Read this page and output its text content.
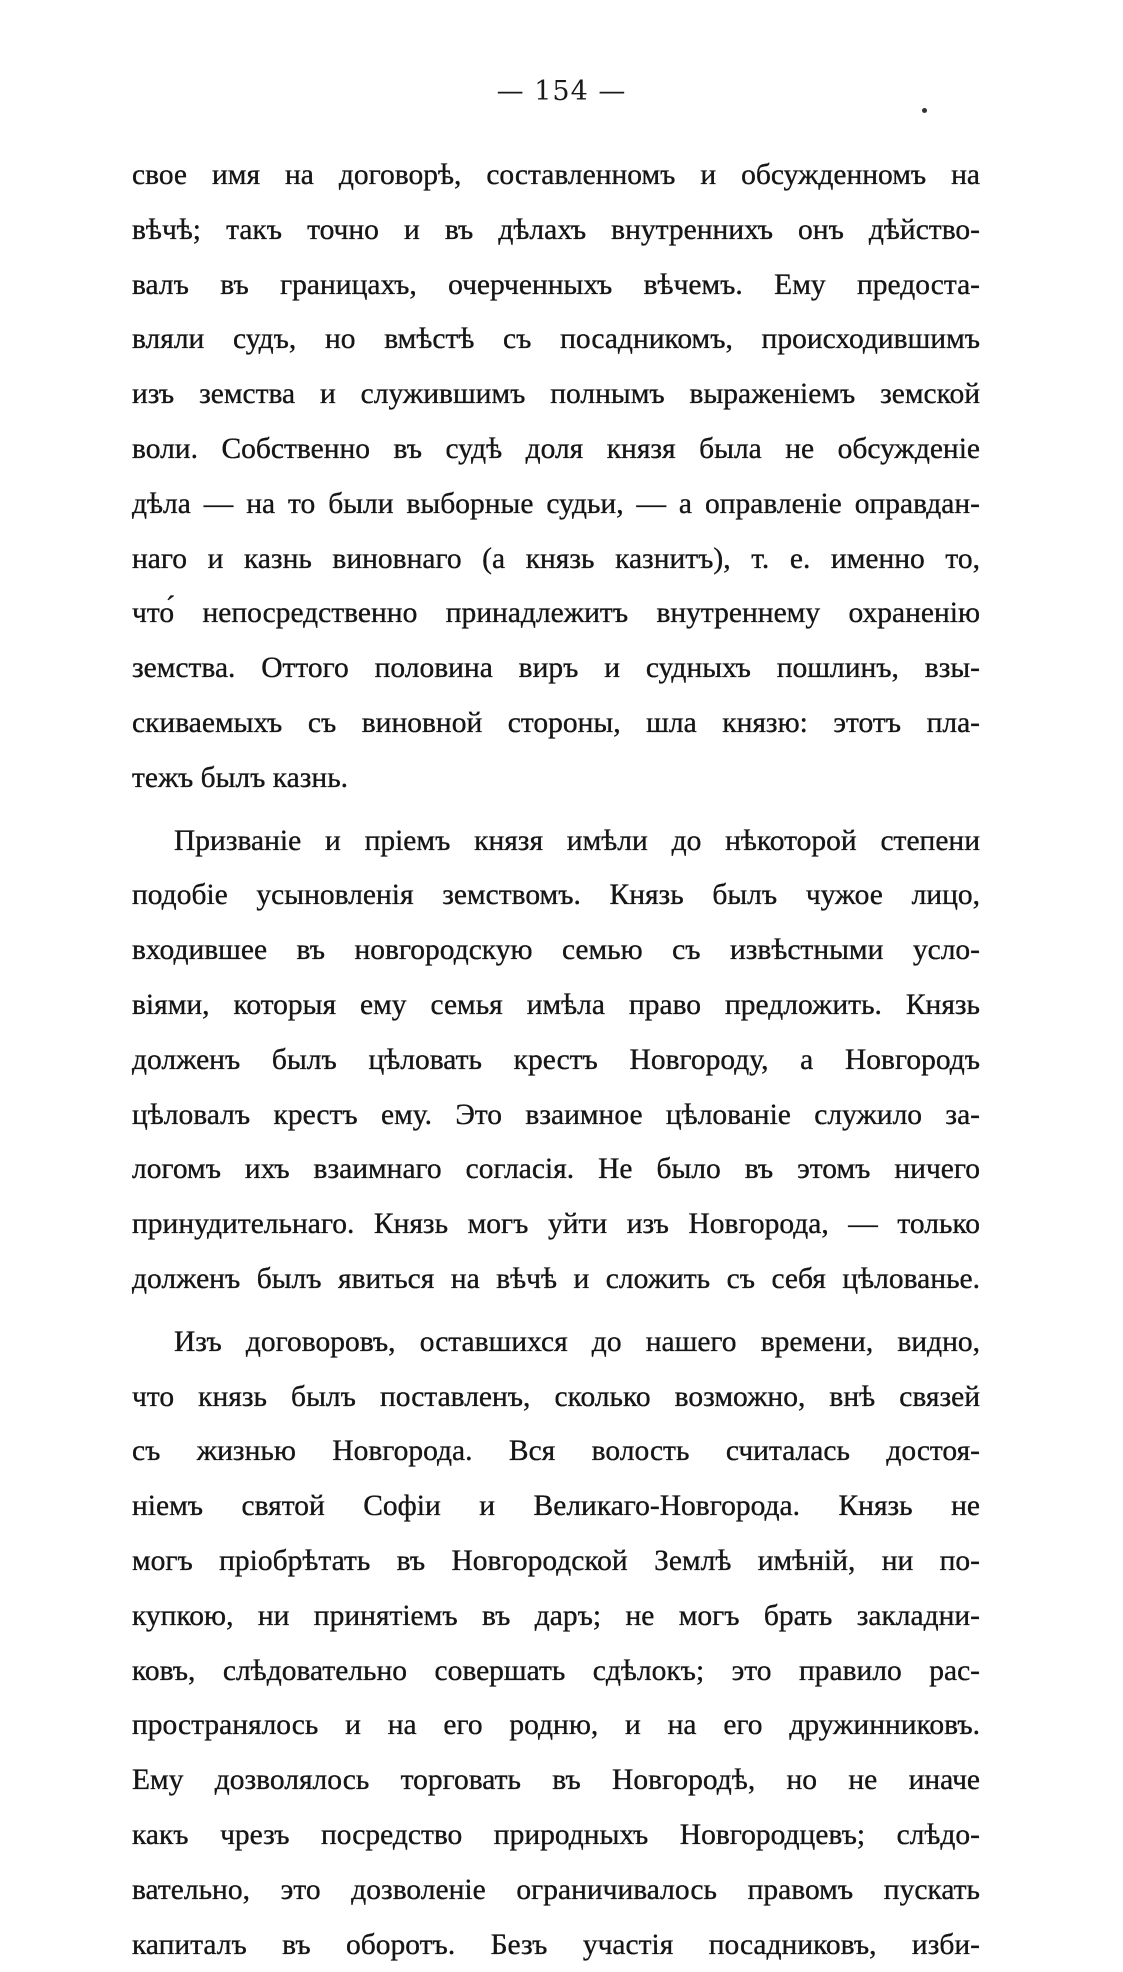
— 154 —
свое имя на договорѣ, составленномъ и обсужденномъ на
вѣчѣ; такъ точно и въ дѣлахъ внутреннихъ онъ дѣйство-
валъ въ границахъ, очерченныхъ вѣчемъ. Ему предоста-
вляли судъ, но вмѣстѣ съ посадникомъ, происходившимъ
изъ земства и служившимъ полнымъ выраженіемъ земской
воли. Собственно въ судѣ доля князя была не обсужденіе
дѣла — на то были выборные судьи, — а оправленіе оправдан-
наго и казнь виновнаго (а князь казнитъ), т. е. именно то,
что́ непосредственно принадлежитъ внутреннему охраненію
земства. Оттого половина виръ и судныхъ пошлинъ, взы-
скиваемыхъ съ виновной стороны, шла князю: этотъ пла-
тежъ былъ казнь.
Призваніе и пріемъ князя имѣли до нѣкоторой степени
подобіе усыновленія земствомъ. Князь былъ чужое лицо,
входившее въ новгородскую семью съ извѣстными усло-
віями, которыя ему семья имѣла право предложить. Князь
долженъ былъ цѣловать крестъ Новгороду, а Новгородъ
цѣловалъ крестъ ему. Это взаимное цѣлованіе служило за-
логомъ ихъ взаимнаго согласія. Не было въ этомъ ничего
принудительнаго. Князь могъ уйти изъ Новгорода, — только
долженъ былъ явиться на вѣчѣ и сложить съ себя цѣлованье.
Изъ договоровъ, оставшихся до нашего времени, видно,
что князь былъ поставленъ, сколько возможно, внѣ связей
съ жизнью Новгорода. Вся волость считалась достоя-
ніемъ святой Софіи и Великаго-Новгорода. Князь не
могъ пріобрѣтать въ Новгородской Землѣ имѣній, ни по-
купкою, ни принятіемъ въ даръ; не могъ брать закладни-
ковъ, слѣдовательно совершать сдѣлокъ; это правило рас-
пространялось и на его родню, и на его дружинниковъ.
Ему дозволялось торговать въ Новгородѣ, но не иначе
какъ чрезъ посредство природныхъ Новгородцевъ; слѣдо-
вательно, это дозволеніе ограничивалось правомъ пускать
капиталъ въ оборотъ. Безъ участія посадниковъ, изби-
